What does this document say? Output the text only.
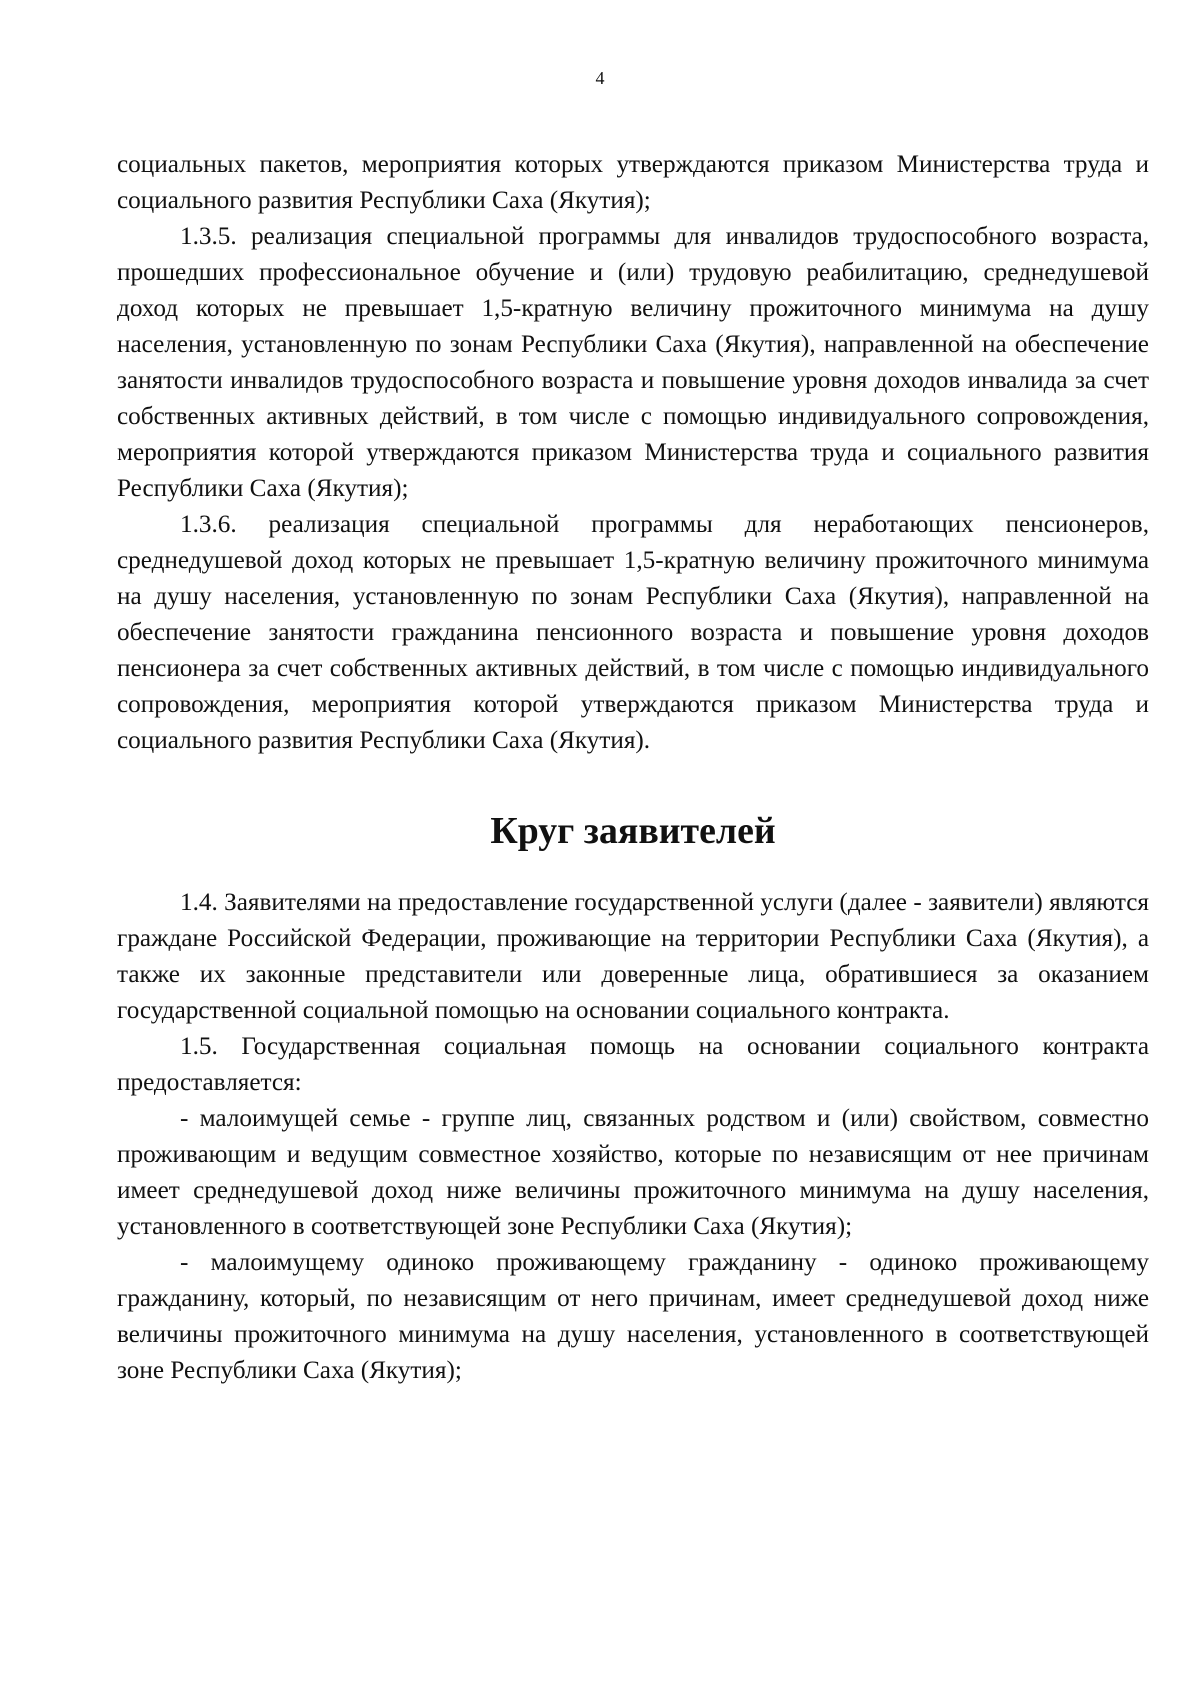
4

социальных пакетов, мероприятия которых утверждаются приказом Министерства труда и социального развития Республики Саха (Якутия);

1.3.5. реализация специальной программы для инвалидов трудоспособного возраста, прошедших профессиональное обучение и (или) трудовую реабилитацию, среднедушевой доход которых не превышает 1,5-кратную величину прожиточного минимума на душу населения, установленную по зонам Республики Саха (Якутия), направленной на обеспечение занятости инвалидов трудоспособного возраста и повышение уровня доходов инвалида за счет собственных активных действий, в том числе с помощью индивидуального сопровождения, мероприятия которой утверждаются приказом Министерства труда и социального развития Республики Саха (Якутия);

1.3.6. реализация специальной программы для неработающих пенсионеров, среднедушевой доход которых не превышает 1,5-кратную величину прожиточного минимума на душу населения, установленную по зонам Республики Саха (Якутия), направленной на обеспечение занятости гражданина пенсионного возраста и повышение уровня доходов пенсионера за счет собственных активных действий, в том числе с помощью индивидуального сопровождения, мероприятия которой утверждаются приказом Министерства труда и социального развития Республики Саха (Якутия).

Круг заявителей

1.4. Заявителями на предоставление государственной услуги (далее - заявители) являются граждане Российской Федерации, проживающие на территории Республики Саха (Якутия), а также их законные представители или доверенные лица, обратившиеся за оказанием государственной социальной помощью на основании социального контракта.

1.5. Государственная социальная помощь на основании социального контракта предоставляется:

- малоимущей семье - группе лиц, связанных родством и (или) свойством, совместно проживающим и ведущим совместное хозяйство, которые по независящим от нее причинам имеет среднедушевой доход ниже величины прожиточного минимума на душу населения, установленного в соответствующей зоне Республики Саха (Якутия);

- малоимущему одиноко проживающему гражданину - одиноко проживающему гражданину, который, по независящим от него причинам, имеет среднедушевой доход ниже величины прожиточного минимума на душу населения, установленного в соответствующей зоне Республики Саха (Якутия);
